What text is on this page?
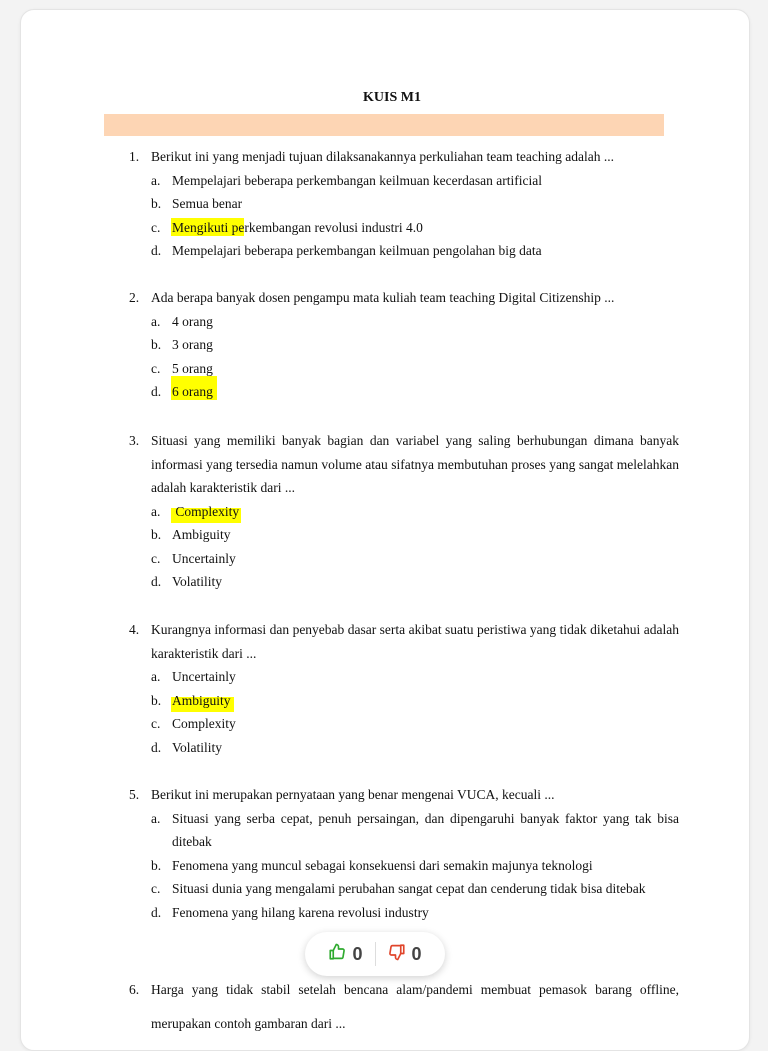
KUIS M1
1. Berikut ini yang menjadi tujuan dilaksanakannya perkuliahan team teaching adalah ...
a. Mempelajari beberapa perkembangan keilmuan kecerdasan artificial
b. Semua benar
c. Mengikuti perkembangan revolusi industri 4.0
d. Mempelajari beberapa perkembangan keilmuan pengolahan big data
2. Ada berapa banyak dosen pengampu mata kuliah team teaching Digital Citizenship ...
a. 4 orang
b. 3 orang
c. 5 orang
d. 6 orang
3. Situasi yang memiliki banyak bagian dan variabel yang saling berhubungan dimana banyak informasi yang tersedia namun volume atau sifatnya membutuhan proses yang sangat melelahkan adalah karakteristik dari ...
a. Complexity
b. Ambiguity
c. Uncertainly
d. Volatility
4. Kurangnya informasi dan penyebab dasar serta akibat suatu peristiwa yang tidak diketahui adalah karakteristik dari ...
a. Uncertainly
b. Ambiguity
c. Complexity
d. Volatility
5. Berikut ini merupakan pernyataan yang benar mengenai VUCA, kecuali ...
a. Situasi yang serba cepat, penuh persaingan, dan dipengaruhi banyak faktor yang tak bisa ditebak
b. Fenomena yang muncul sebagai konsekuensi dari semakin majunya teknologi
c. Situasi dunia yang mengalami perubahan sangat cepat dan cenderung tidak bisa ditebak
d. Fenomena yang hilang karena revolusi industry
6. Harga yang tidak stabil setelah bencana alam/pandemi membuat pemasok barang offline, merupakan contoh gambaran dari ...
0	0
